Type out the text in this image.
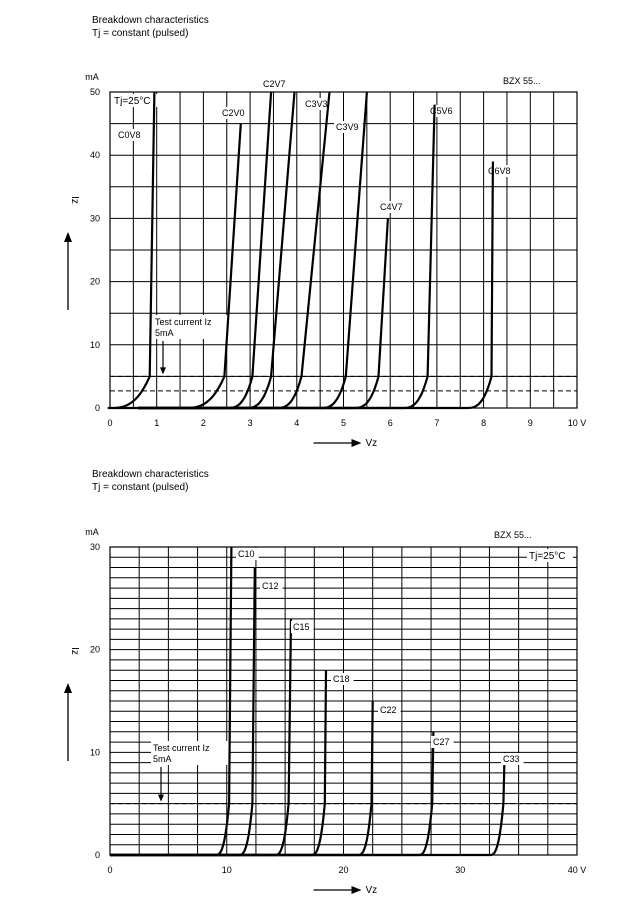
Breakdown characteristics
Tj = constant (pulsed)
Breakdown characteristics
Tj = constant (pulsed)
0	1	2	3	4	5	6	7	8	9	10 V
0
10
20
30
40
50
mA
Iz
Vz
BZX 55...
Tj=25°C
Test current Iz
5mA
C0V8
C2V0
C2V7
C3V3
C3V9
C4V7
C5V6
C6V8
0	10	20	30	40 V
0
10
20
30
mA
Iz
Vz
BZX 55...
Tj=25°C
Test current Iz
5mA
C10
C12
C15
C18
C22
C27
C33
